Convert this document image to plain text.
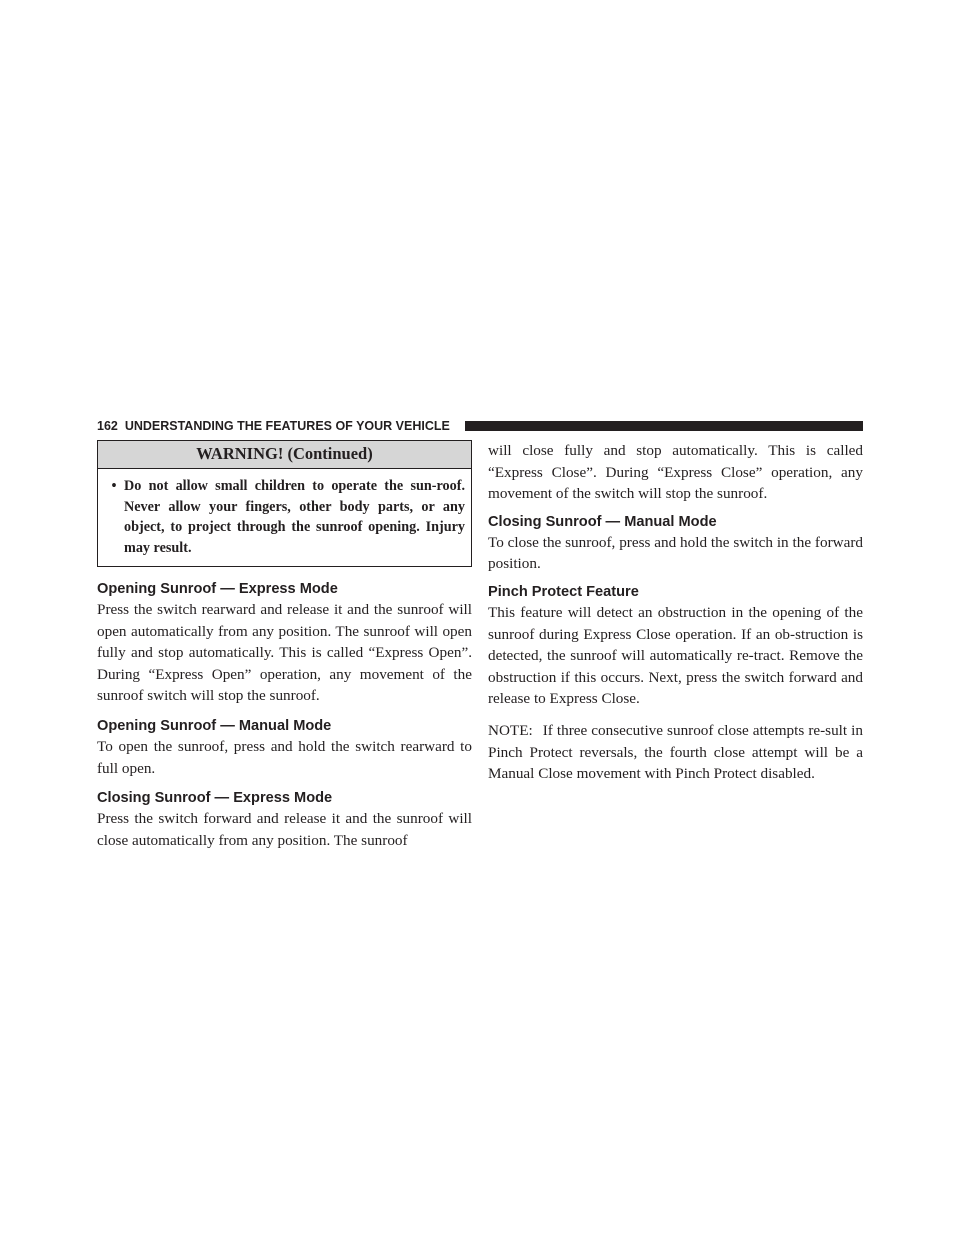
162 UNDERSTANDING THE FEATURES OF YOUR VEHICLE
WARNING! (Continued)
• Do not allow small children to operate the sun-roof. Never allow your fingers, other body parts, or any object, to project through the sunroof opening. Injury may result.
Opening Sunroof — Express Mode

Press the switch rearward and release it and the sunroof will open automatically from any position. The sunroof will open fully and stop automatically. This is called “Express Open”. During “Express Open” operation, any movement of the sunroof switch will stop the sunroof.

Opening Sunroof — Manual Mode

To open the sunroof, press and hold the switch rearward to full open.

Closing Sunroof — Express Mode

Press the switch forward and release it and the sunroof will close automatically from any position. The sunroof

will close fully and stop automatically. This is called “Express Close”. During “Express Close” operation, any movement of the switch will stop the sunroof.

Closing Sunroof — Manual Mode

To close the sunroof, press and hold the switch in the forward position.

Pinch Protect Feature

This feature will detect an obstruction in the opening of the sunroof during Express Close operation. If an ob-struction is detected, the sunroof will automatically re-tract. Remove the obstruction if this occurs. Next, press the switch forward and release to Express Close.

NOTE: If three consecutive sunroof close attempts re-sult in Pinch Protect reversals, the fourth close attempt will be a Manual Close movement with Pinch Protect disabled.
